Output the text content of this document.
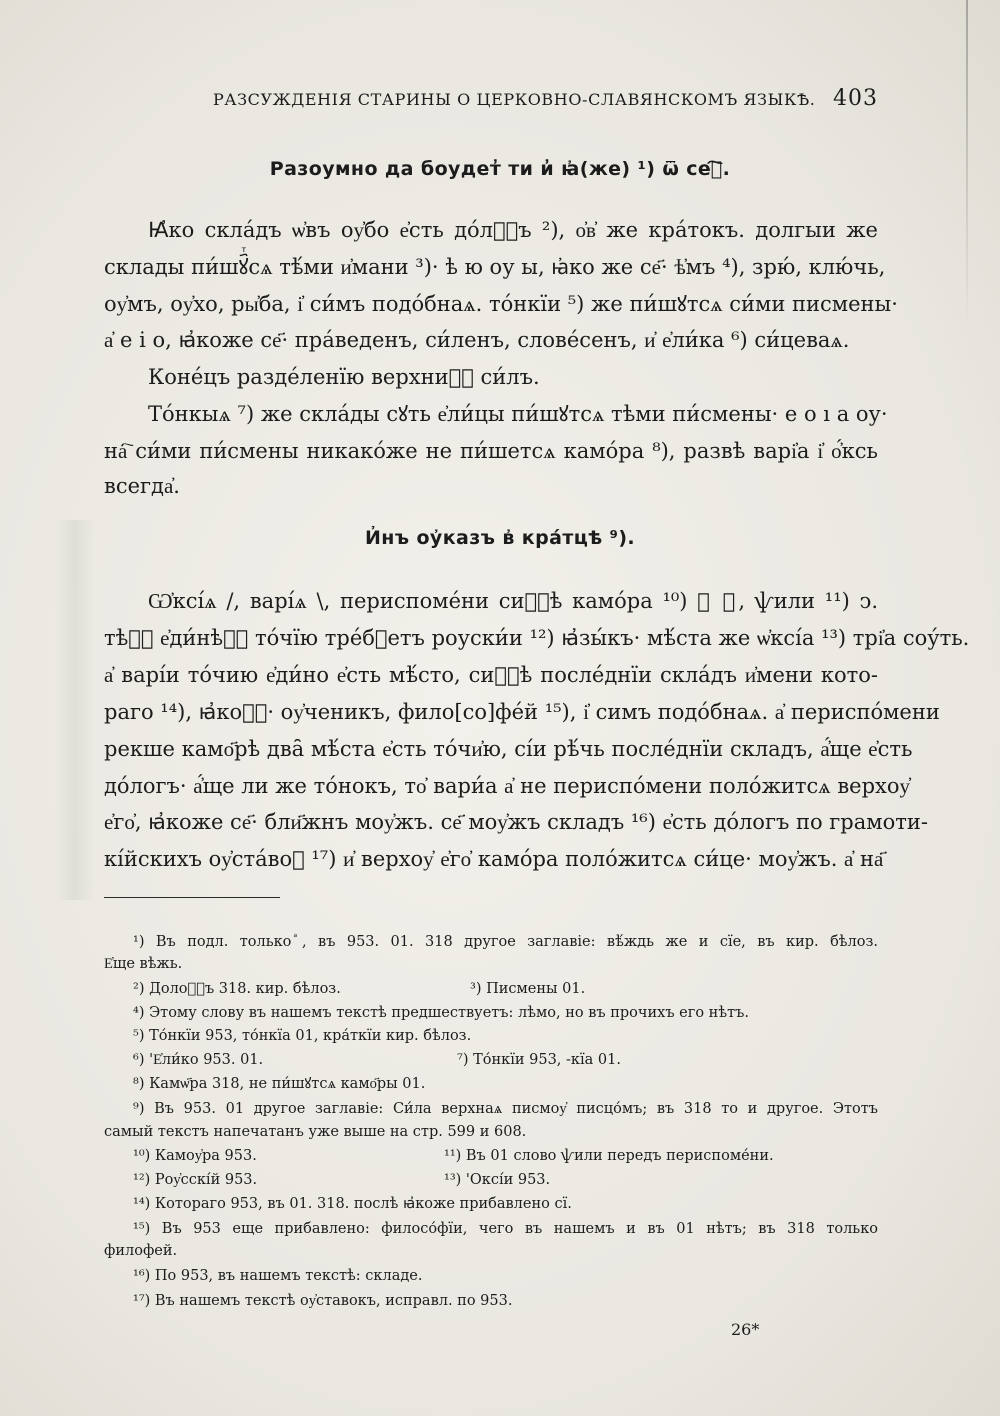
РАЗСУЖДЕНІЯ СТАРИНЫ О ЦЕРКОВНО-СЛАВЯНСКОМЪ ЯЗЫКѢ. 403
Разоумно да боудет̓ ти и̓ ꙗ҆(же) ¹) ѿ сеⷨ҇.
Ꙗ҆ко скла́дъ ѡ҆въ оу҆бо е҆сть до́лⷢ҇ъ ²), о҆в҆ же кра́токъ. долгыи же
склады пи́шꙋ҄ⷮсѧ тѣ́ми и҆мани ³)· ѣ ю оу ы, ꙗ҆ко же се҃· ѣ҆мъ ⁴), зрю́, клю́чь,
оу҆мъ, оу҆хо, ры҆ба, і҆ си́мъ подо́бнаѧ. то́нкїи ⁵) же пи́шꙋтсѧ си́ми писмены·
а҆ е і о, ꙗ҆коже се҃· пра́веденъ, си́ленъ, слове́сенъ, и҆ е҆ли́ка ⁶) си́цеваѧ.
Коне́цъ разде́ленїю верхниⷯ҇ си́лъ.
То́нкыѧ ⁷) же скла́ды сꙋть е҆ли́цы пи́шꙋтсѧ тѣми пи́смены· е о ı а оу·
на҇ си́ми пи́смены никако́же не пи́шетсѧ камо́ра ⁸), развѣ варі҆а і҆ о҆́ксь
всегда҆.
И҆нъ оу҆казъ в҆ кра́тцѣ ⁹).
Ѡ҆ксі́ѧ /, варі́ѧ \, периспоме́ни сиⷬ҇ѣ камо́ра ¹⁰) ⌒ ⌒, ѱили ¹¹) ↄ.
тѣⷯ҇ е҆ди́нѣⷯ҇ то́чїю тре́бꙋетъ роуски́и ¹²) ꙗ҆зы́къ· мѣ́ста же ѡ҆ксі́а ¹³) трі҆а соу́ть.
а҆ варі́и то́чию е҆ди́но е҆сть мѣ́сто, сиⷬ҇ѣ после́днїи скла́дъ и҆мени кото-
раго ¹⁴), ꙗ҆коⷤ҇· оу҆ченикъ, фило[со]фе́й ¹⁵), і҆ симъ подо́бнаѧ. а҆ периспо́мени
рекше камо҃рѣ два̑ мѣ́ста е҆сть то́чи҆ю, сі́и рѣ́чь после́днїи складъ, а҆́ще е҆сть
до́логъ· а҆́ще ли же то́нокъ, то҆ вари́а а҆ не периспо́мени поло́житсѧ верхоу҆
е҆го҆, ꙗ҆коже се҃· бли҃жнъ моу҆жъ. се҃ моу҆жъ складъ ¹⁶) е҆сть до́логъ по грамоти-
кі́йскихъ оу҆ста́воⷯ ¹⁷) и҆ верхоу҆ е҆го҆ камо́ра поло́житсѧ си́це· моу҆жъ. а҆ на҃
¹) Въ подл. только ⷶ, въ 953. 01. 318 другое заглавіе: вѣ́ждь же и сїе, въ кир. бѣлоз.
Е҆ще вѣжь.
²) Долоⷢ҇ъ 318. кир. бѣлоз.	³) Писмены 01.
⁴) Этому слову въ нашемъ текстѣ предшествуетъ: лѣмо, но въ прочихъ его нѣтъ.
⁵) То́нкїи 953, то́нкїа 01, кра́ткїи кир. бѣлоз.
⁶) 'Е҆ли́ко 953. 01.	⁷) То́нкїи 953, -кїа 01.
⁸) Камѡ҃ра 318, не пи́шꙋтсѧ камо҃ры 01.
⁹) Въ 953. 01 другое заглавіе: Си́ла верхнаѧ писмоу҆ писцо́мъ; въ 318 то и другое. Этотъ
самый текстъ напечатанъ уже выше на стр. 599 и 608.
¹⁰) Камоу҆ра 953.	¹¹) Въ 01 слово ѱили передъ периспоме́ни.
¹²) Роу҆сскі́й 953.	¹³) 'Оксі́и 953.
¹⁴) Котораго 953, въ 01. 318. послѣ ꙗ҆коже прибавлено сї.
¹⁵) Въ 953 еще прибавлено: филосо́фїи, чего въ нашемъ и въ 01 нѣтъ; въ 318 только
филофей.
¹⁶) По 953, въ нашемъ текстѣ: складе.
¹⁷) Въ нашемъ текстѣ оу҆ставокъ, исправл. по 953.
26*
